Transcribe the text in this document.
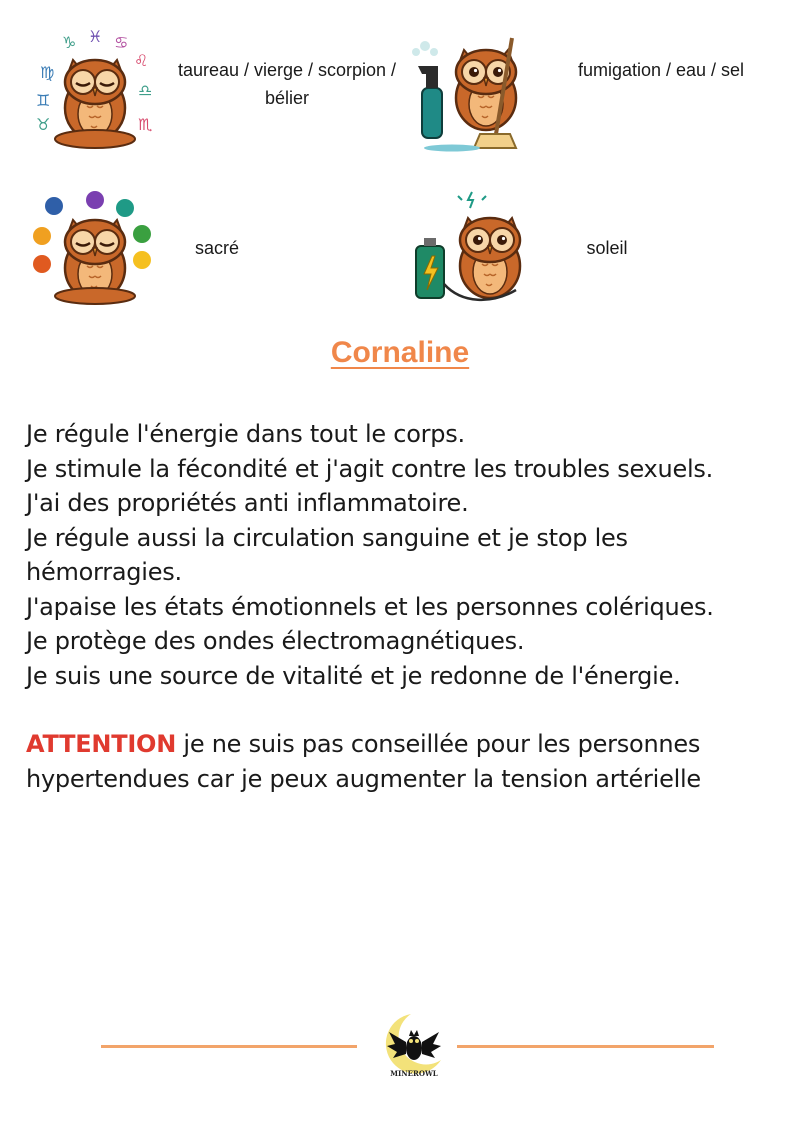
♍
♑ ♓ ♋
♌
♊
♎
♉	♏
taureau / vierge / scorpion / bélier
fumigation / eau / sel
sacré	soleil
Cornaline

Je régule l'énergie dans tout le corps.

Je stimule la fécondité et j'agit contre les troubles sexuels.

J'ai des propriétés anti inflammatoire.

Je régule aussi la circulation sanguine et je stop les hémorragies.

J'apaise les états émotionnels et les personnes colériques.

Je protège des ondes électromagnétiques.

Je suis une source de vitalité et je redonne de l'énergie.

ATTENTION je ne suis pas conseillée pour les personnes hypertendues car je peux augmenter la tension artérielle

MINEROWL
